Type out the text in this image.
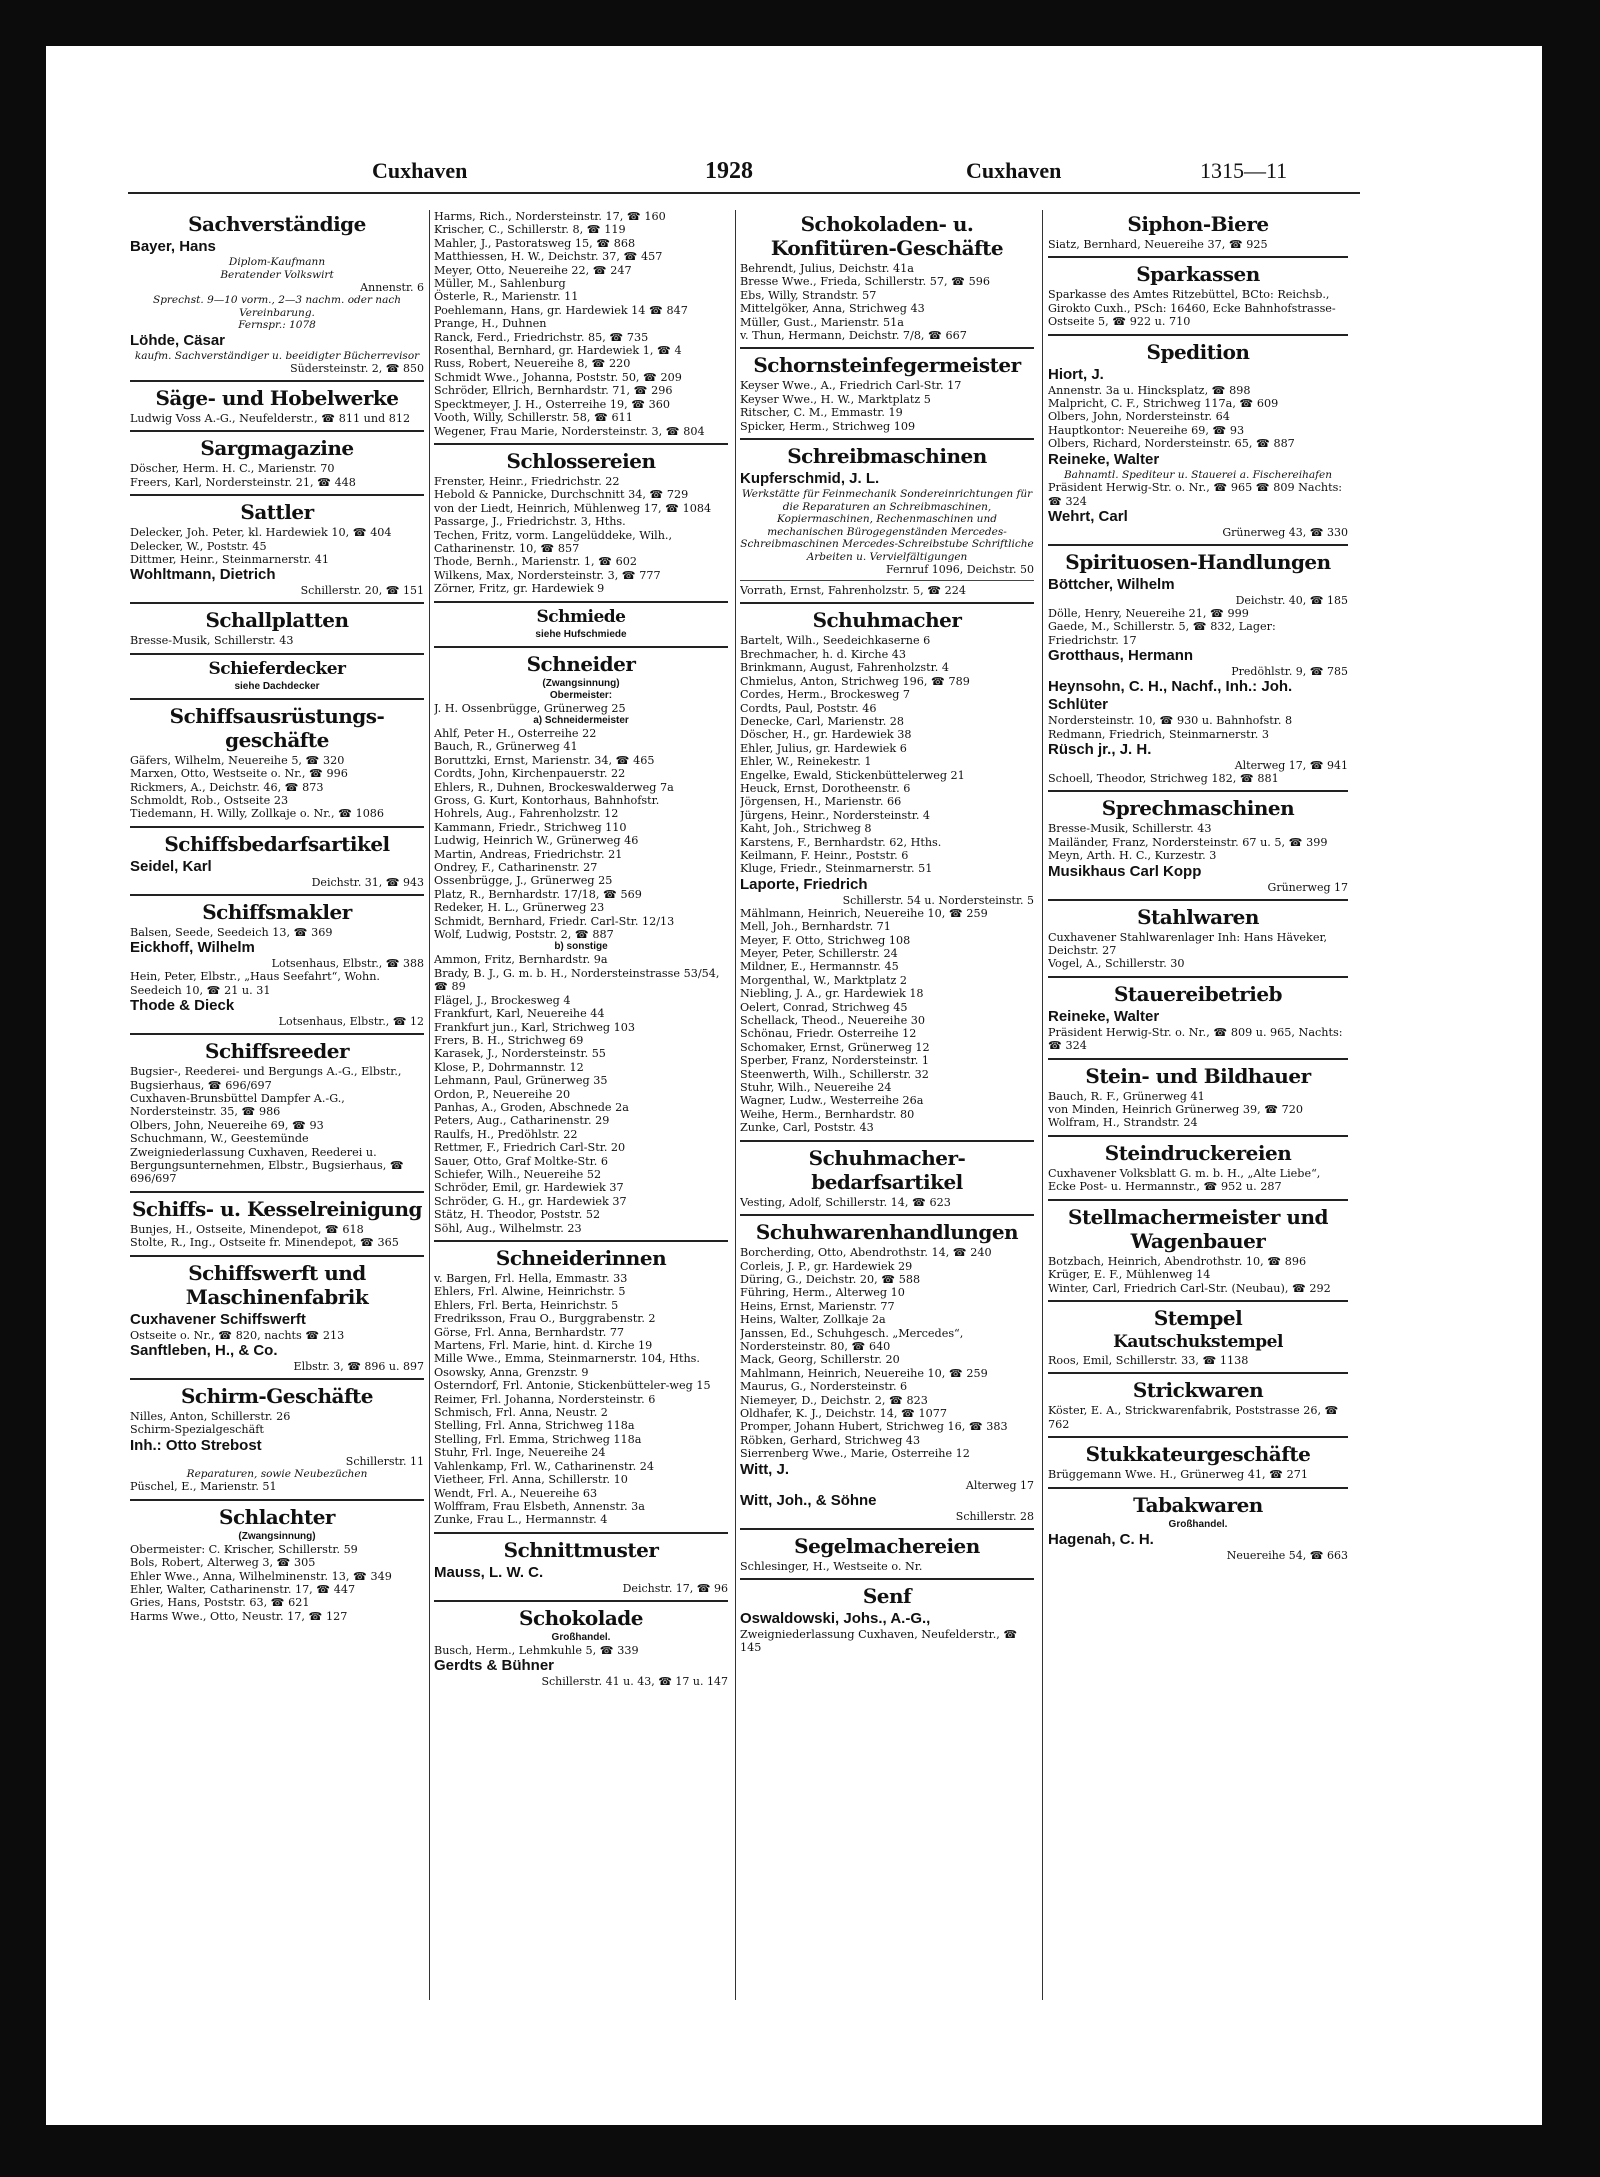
Cuxhaven	1928	Cuxhaven	1315—11
Sachverständige
Bayer, Hans
Diplom-Kaufmann
Beratender Volkswirt
Annenstr. 6
Sprechst. 9—10 vorm., 2—3 nachm. oder nach Vereinbarung.
Fernspr.: 1078
Löhde, Cäsar
kaufm. Sachverständiger u. beeidigter Bücherrevisor
Südersteinstr. 2, ☎ 850
Säge- und Hobelwerke
Ludwig Voss A.-G., Neufelderstr., ☎ 811 und 812
Sargmagazine
Döscher, Herm. H. C., Marienstr. 70
Freers, Karl, Nordersteinstr. 21, ☎ 448
Sattler
Delecker, Joh. Peter, kl. Hardewiek 10, ☎ 404
Delecker, W., Poststr. 45
Dittmer, Heinr., Steinmarnerstr. 41
Wohltmann, Dietrich
Schillerstr. 20, ☎ 151
Schallplatten
Bresse-Musik, Schillerstr. 43
Schieferdecker
siehe Dachdecker
Schiffsausrüstungs-geschäfte
Gäfers, Wilhelm, Neuereihe 5, ☎ 320
Marxen, Otto, Westseite o. Nr., ☎ 996
Rickmers, A., Deichstr. 46, ☎ 873
Schmoldt, Rob., Ostseite 23
Tiedemann, H. Willy, Zollkaje o. Nr., ☎ 1086
Schiffsbedarfsartikel
Seidel, Karl
Deichstr. 31, ☎ 943
Schiffsmakler
Balsen, Seede, Seedeich 13, ☎ 369
Eickhoff, Wilhelm
Lotsenhaus, Elbstr., ☎ 388
Hein, Peter, Elbstr., „Haus Seefahrt“, Wohn. Seedeich 10, ☎ 21 u. 31
Thode & Dieck
Lotsenhaus, Elbstr., ☎ 12
Schiffsreeder
Bugsier-, Reederei- und Bergungs A.-G., Elbstr., Bugsierhaus, ☎ 696/697
Cuxhaven-Brunsbüttel Dampfer A.-G., Nordersteinstr. 35, ☎ 986
Olbers, John, Neuereihe 69, ☎ 93
Schuchmann, W., Geestemünde Zweigniederlassung Cuxhaven, Reederei u. Bergungsunternehmen, Elbstr., Bugsierhaus, ☎ 696/697
Schiffs- u. Kesselreinigung
Bunjes, H., Ostseite, Minendepot, ☎ 618
Stolte, R., Ing., Ostseite fr. Minendepot, ☎ 365
Schiffswerft und Maschinenfabrik
Cuxhavener Schiffswerft
Ostseite o. Nr., ☎ 820, nachts ☎ 213
Sanftleben, H., & Co.
Elbstr. 3, ☎ 896 u. 897
Schirm-Geschäfte
Nilles, Anton, Schillerstr. 26
Schirm-Spezialgeschäft
Inh.: Otto Strebost
Schillerstr. 11
Reparaturen, sowie Neubezüchen
Püschel, E., Marienstr. 51
Schlachter
(Zwangsinnung)
Obermeister: C. Krischer, Schillerstr. 59
Bols, Robert, Alterweg 3, ☎ 305
Ehler Wwe., Anna, Wilhelminenstr. 13, ☎ 349
Ehler, Walter, Catharinenstr. 17, ☎ 447
Gries, Hans, Poststr. 63, ☎ 621
Harms Wwe., Otto, Neustr. 17, ☎ 127
Harms, Rich., Nordersteinstr. 17, ☎ 160
Krischer, C., Schillerstr. 8, ☎ 119
Mahler, J., Pastoratsweg 15, ☎ 868
Matthiessen, H. W., Deichstr. 37, ☎ 457
Meyer, Otto, Neuereihe 22, ☎ 247
Müller, M., Sahlenburg
Österle, R., Marienstr. 11
Poehlemann, Hans, gr. Hardewiek 14 ☎ 847
Prange, H., Duhnen
Ranck, Ferd., Friedrichstr. 85, ☎ 735
Rosenthal, Bernhard, gr. Hardewiek 1, ☎ 4
Russ, Robert, Neuereihe 8, ☎ 220
Schmidt Wwe., Johanna, Poststr. 50, ☎ 209
Schröder, Ellrich, Bernhardstr. 71, ☎ 296
Specktmeyer, J. H., Osterreihe 19, ☎ 360
Vooth, Willy, Schillerstr. 58, ☎ 611
Wegener, Frau Marie, Nordersteinstr. 3, ☎ 804
Schlossereien
Frenster, Heinr., Friedrichstr. 22
Hebold & Pannicke, Durchschnitt 34, ☎ 729
von der Liedt, Heinrich, Mühlenweg 17, ☎ 1084
Passarge, J., Friedrichstr. 3, Hths.
Techen, Fritz, vorm. Langelüddeke, Wilh., Catharinenstr. 10, ☎ 857
Thode, Bernh., Marienstr. 1, ☎ 602
Wilkens, Max, Nordersteinstr. 3, ☎ 777
Zörner, Fritz, gr. Hardewiek 9
Schmiede
siehe Hufschmiede
Schneider
(Zwangsinnung)
Obermeister:
J. H. Ossenbrügge, Grünerweg 25
a) Schneidermeister
Ahlf, Peter H., Osterreihe 22
Bauch, R., Grünerweg 41
Boruttzki, Ernst, Marienstr. 34, ☎ 465
Cordts, John, Kirchenpauerstr. 22
Ehlers, R., Duhnen, Brockeswalderweg 7a
Gross, G. Kurt, Kontorhaus, Bahnhofstr.
Hohrels, Aug., Fahrenholzstr. 12
Kammann, Friedr., Strichweg 110
Ludwig, Heinrich W., Grünerweg 46
Martin, Andreas, Friedrichstr. 21
Ondrey, F., Catharinenstr. 27
Ossenbrügge, J., Grünerweg 25
Platz, R., Bernhardstr. 17/18, ☎ 569
Redeker, H. L., Grünerweg 23
Schmidt, Bernhard, Friedr. Carl-Str. 12/13
Wolf, Ludwig, Poststr. 2, ☎ 887
b) sonstige
Ammon, Fritz, Bernhardstr. 9a
Brady, B. J., G. m. b. H., Nordersteinstrasse 53/54, ☎ 89
Flägel, J., Brockesweg 4
Frankfurt, Karl, Neuereihe 44
Frankfurt jun., Karl, Strichweg 103
Frers, B. H., Strichweg 69
Karasek, J., Nordersteinstr. 55
Klose, P., Dohrmannstr. 12
Lehmann, Paul, Grünerweg 35
Ordon, P., Neuereihe 20
Panhas, A., Groden, Abschnede 2a
Peters, Aug., Catharinenstr. 29
Raulfs, H., Predöhlstr. 22
Rettmer, F., Friedrich Carl-Str. 20
Sauer, Otto, Graf Moltke-Str. 6
Schiefer, Wilh., Neuereihe 52
Schröder, Emil, gr. Hardewiek 37
Schröder, G. H., gr. Hardewiek 37
Stätz, H. Theodor, Poststr. 52
Söhl, Aug., Wilhelmstr. 23
Schneiderinnen
v. Bargen, Frl. Hella, Emmastr. 33
Ehlers, Frl. Alwine, Heinrichstr. 5
Ehlers, Frl. Berta, Heinrichstr. 5
Fredriksson, Frau O., Burggrabenstr. 2
Görse, Frl. Anna, Bernhardstr. 77
Martens, Frl. Marie, hint. d. Kirche 19
Mille Wwe., Emma, Steinmarnerstr. 104, Hths.
Osowsky, Anna, Grenzstr. 9
Osterndorf, Frl. Antonie, Stickenbütteler-weg 15
Reimer, Frl. Johanna, Nordersteinstr. 6
Schmisch, Frl. Anna, Neustr. 2
Stelling, Frl. Anna, Strichweg 118a
Stelling, Frl. Emma, Strichweg 118a
Stuhr, Frl. Inge, Neuereihe 24
Vahlenkamp, Frl. W., Catharinenstr. 24
Vietheer, Frl. Anna, Schillerstr. 10
Wendt, Frl. A., Neuereihe 63
Wolffram, Frau Elsbeth, Annenstr. 3a
Zunke, Frau L., Hermannstr. 4
Schnittmuster
Mauss, L. W. C.
Deichstr. 17, ☎ 96
Schokolade
Großhandel.
Busch, Herm., Lehmkuhle 5, ☎ 339
Gerdts & Bühner
Schillerstr. 41 u. 43, ☎ 17 u. 147
Schokoladen- u. Konfitüren-Geschäfte
Behrendt, Julius, Deichstr. 41a
Bresse Wwe., Frieda, Schillerstr. 57, ☎ 596
Ebs, Willy, Strandstr. 57
Mittelgöker, Anna, Strichweg 43
Müller, Gust., Marienstr. 51a
v. Thun, Hermann, Deichstr. 7/8, ☎ 667
Schornsteinfegermeister
Keyser Wwe., A., Friedrich Carl-Str. 17
Keyser Wwe., H. W., Marktplatz 5
Ritscher, C. M., Emmastr. 19
Spicker, Herm., Strichweg 109
Schreibmaschinen
Kupferschmid, J. L.
Werkstätte für Feinmechanik Sondereinrichtungen für die Reparaturen an Schreibmaschinen, Kopiermaschinen, Rechenmaschinen und mechanischen Bürogegenständen Mercedes-Schreibmaschinen Mercedes-Schreibstube Schriftliche Arbeiten u. Vervielfältigungen
Fernruf 1096, Deichstr. 50
Vorrath, Ernst, Fahrenholzstr. 5, ☎ 224
Schuhmacher
Bartelt, Wilh., Seedeichkaserne 6
Brechmacher, h. d. Kirche 43
Brinkmann, August, Fahrenholzstr. 4
Chmielus, Anton, Strichweg 196, ☎ 789
Cordes, Herm., Brockesweg 7
Cordts, Paul, Poststr. 46
Denecke, Carl, Marienstr. 28
Döscher, H., gr. Hardewiek 38
Ehler, Julius, gr. Hardewiek 6
Ehler, W., Reinekestr. 1
Engelke, Ewald, Stickenbüttelerweg 21
Heuck, Ernst, Dorotheenstr. 6
Jörgensen, H., Marienstr. 66
Jürgens, Heinr., Nordersteinstr. 4
Kaht, Joh., Strichweg 8
Karstens, F., Bernhardstr. 62, Hths.
Keilmann, F. Heinr., Poststr. 6
Kluge, Friedr., Steinmarnerstr. 51
Laporte, Friedrich
Schillerstr. 54 u. Nordersteinstr. 5
Mählmann, Heinrich, Neuereihe 10, ☎ 259
Mell, Joh., Bernhardstr. 71
Meyer, F. Otto, Strichweg 108
Meyer, Peter, Schillerstr. 24
Mildner, E., Hermannstr. 45
Morgenthal, W., Marktplatz 2
Niebling, J. A., gr. Hardewiek 18
Oelert, Conrad, Strichweg 45
Schellack, Theod., Neuereihe 30
Schönau, Friedr. Osterreihe 12
Schomaker, Ernst, Grünerweg 12
Sperber, Franz, Nordersteinstr. 1
Steenwerth, Wilh., Schillerstr. 32
Stuhr, Wilh., Neuereihe 24
Wagner, Ludw., Westerreihe 26a
Weihe, Herm., Bernhardstr. 80
Zunke, Carl, Poststr. 43
Schuhmacher-bedarfsartikel
Vesting, Adolf, Schillerstr. 14, ☎ 623
Schuhwarenhandlungen
Borcherding, Otto, Abendrothstr. 14, ☎ 240
Corleis, J. P., gr. Hardewiek 29
Düring, G., Deichstr. 20, ☎ 588
Führing, Herm., Alterweg 10
Heins, Ernst, Marienstr. 77
Heins, Walter, Zollkaje 2a
Janssen, Ed., Schuhgesch. „Mercedes“, Nordersteinstr. 80, ☎ 640
Mack, Georg, Schillerstr. 20
Mahlmann, Heinrich, Neuereihe 10, ☎ 259
Maurus, G., Nordersteinstr. 6
Niemeyer, D., Deichstr. 2, ☎ 823
Oldhafer, K. J., Deichstr. 14, ☎ 1077
Promper, Johann Hubert, Strichweg 16, ☎ 383
Röbken, Gerhard, Strichweg 43
Sierrenberg Wwe., Marie, Osterreihe 12
Witt, J.
Alterweg 17
Witt, Joh., & Söhne
Schillerstr. 28
Segelmachereien
Schlesinger, H., Westseite o. Nr.
Senf
Oswaldowski, Johs., A.-G.,
Zweigniederlassung Cuxhaven, Neufelderstr., ☎ 145
Siphon-Biere
Siatz, Bernhard, Neuereihe 37, ☎ 925
Sparkassen
Sparkasse des Amtes Ritzebüttel, BCto: Reichsb., Girokto Cuxh., PSch: 16460, Ecke Bahnhofstrasse-Ostseite 5, ☎ 922 u. 710
Spedition
Hiort, J.
Annenstr. 3a u. Hincksplatz, ☎ 898
Malpricht, C. F., Strichweg 117a, ☎ 609
Olbers, John, Nordersteinstr. 64
Hauptkontor: Neuereihe 69, ☎ 93
Olbers, Richard, Nordersteinstr. 65, ☎ 887
Reineke, Walter
Bahnamtl. Spediteur u. Stauerei a. Fischereihafen
Präsident Herwig-Str. o. Nr., ☎ 965 ☎ 809 Nachts: ☎ 324
Wehrt, Carl
Grünerweg 43, ☎ 330
Spirituosen-Handlungen
Böttcher, Wilhelm
Deichstr. 40, ☎ 185
Dölle, Henry, Neuereihe 21, ☎ 999
Gaede, M., Schillerstr. 5, ☎ 832, Lager: Friedrichstr. 17
Grotthaus, Hermann
Predöhlstr. 9, ☎ 785
Heynsohn, C. H., Nachf., Inh.: Joh. Schlüter
Nordersteinstr. 10, ☎ 930 u. Bahnhofstr. 8
Redmann, Friedrich, Steinmarnerstr. 3
Rüsch jr., J. H.
Alterweg 17, ☎ 941
Schoell, Theodor, Strichweg 182, ☎ 881
Sprechmaschinen
Bresse-Musik, Schillerstr. 43
Mailänder, Franz, Nordersteinstr. 67 u. 5, ☎ 399
Meyn, Arth. H. C., Kurzestr. 3
Musikhaus Carl Kopp
Grünerweg 17
Stahlwaren
Cuxhavener Stahlwarenlager Inh: Hans Häveker, Deichstr. 27
Vogel, A., Schillerstr. 30
Stauereibetrieb
Reineke, Walter
Präsident Herwig-Str. o. Nr., ☎ 809 u. 965, Nachts: ☎ 324
Stein- und Bildhauer
Bauch, R. F., Grünerweg 41
von Minden, Heinrich Grünerweg 39, ☎ 720
Wolfram, H., Strandstr. 24
Steindruckereien
Cuxhavener Volksblatt G. m. b. H., „Alte Liebe“, Ecke Post- u. Hermannstr., ☎ 952 u. 287
Stellmachermeister und Wagenbauer
Botzbach, Heinrich, Abendrothstr. 10, ☎ 896
Krüger, E. F., Mühlenweg 14
Winter, Carl, Friedrich Carl-Str. (Neubau), ☎ 292
Stempel
Kautschukstempel
Roos, Emil, Schillerstr. 33, ☎ 1138
Strickwaren
Köster, E. A., Strickwarenfabrik, Poststrasse 26, ☎ 762
Stukkateurgeschäfte
Brüggemann Wwe. H., Grünerweg 41, ☎ 271
Tabakwaren
Großhandel.
Hagenah, C. H.
Neuereihe 54, ☎ 663
